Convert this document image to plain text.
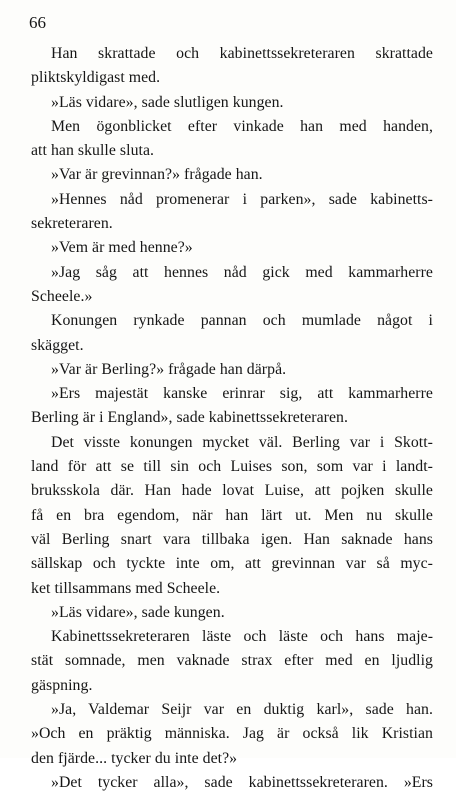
66
Han skrattade och kabinettssekreteraren skrattade
pliktskyldigast med.
»Läs vidare», sade slutligen kungen.
Men ögonblicket efter vinkade han med handen,
att han skulle sluta.
»Var är grevinnan?» frågade han.
»Hennes nåd promenerar i parken», sade kabinetts-
sekreteraren.
»Vem är med henne?»
»Jag såg att hennes nåd gick med kammarherre
Scheele.»
Konungen rynkade pannan och mumlade något i
skägget.
»Var är Berling?» frågade han därpå.
»Ers majestät kanske erinrar sig, att kammarherre
Berling är i England», sade kabinettssekreteraren.
Det visste konungen mycket väl. Berling var i Skott-
land för att se till sin och Luises son, som var i landt-
bruksskola där. Han hade lovat Luise, att pojken skulle
få en bra egendom, när han lärt ut. Men nu skulle
väl Berling snart vara tillbaka igen. Han saknade hans
sällskap och tyckte inte om, att grevinnan var så myc-
ket tillsammans med Scheele.
»Läs vidare», sade kungen.
Kabinettssekreteraren läste och läste och hans maje-
stät somnade, men vaknade strax efter med en ljudlig
gäspning.
»Ja, Valdemar Seijr var en duktig karl», sade han.
»Och en präktig människa. Jag är också lik Kristian
den fjärde... tycker du inte det?»
»Det tycker alla», sade kabinettssekreteraren. »Ers
